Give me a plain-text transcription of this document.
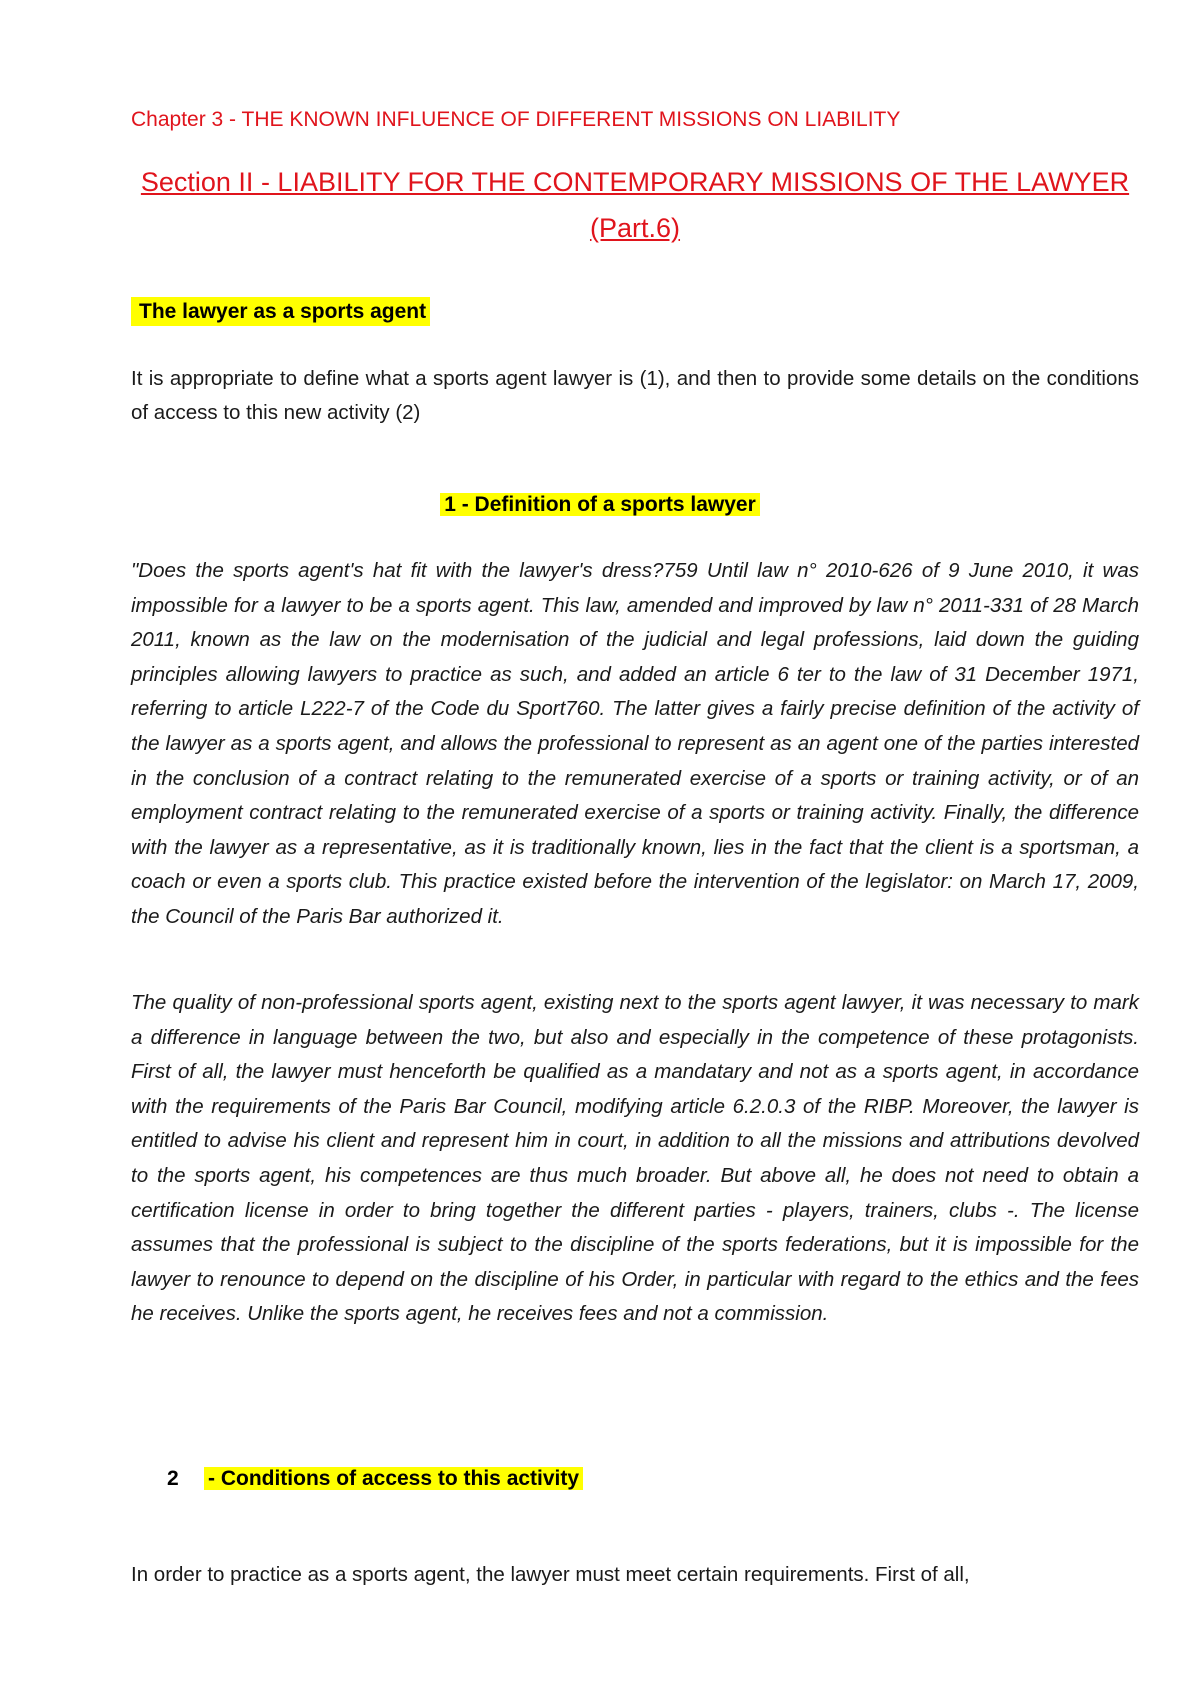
Chapter 3 - THE KNOWN INFLUENCE OF DIFFERENT MISSIONS ON LIABILITY
Section II - LIABILITY FOR THE CONTEMPORARY MISSIONS OF THE LAWYER
(Part.6)
The lawyer as a sports agent

It is appropriate to define what a sports agent lawyer is (1), and then to provide some details on the conditions of access to this new activity (2)

1 - Definition of a sports lawyer

"Does the sports agent's hat fit with the lawyer's dress?759 Until law n° 2010-626 of 9 June 2010, it was impossible for a lawyer to be a sports agent. This law, amended and improved by law n° 2011-331 of 28 March 2011, known as the law on the modernisation of the judicial and legal professions, laid down the guiding principles allowing lawyers to practice as such, and added an article 6 ter to the law of 31 December 1971, referring to article L222-7 of the Code du Sport760. The latter gives a fairly precise definition of the activity of the lawyer as a sports agent, and allows the professional to represent as an agent one of the parties interested in the conclusion of a contract relating to the remunerated exercise of a sports or training activity, or of an employment contract relating to the remunerated exercise of a sports or training activity. Finally, the difference with the lawyer as a representative, as it is traditionally known, lies in the fact that the client is a sportsman, a coach or even a sports club. This practice existed before the intervention of the legislator: on March 17, 2009, the Council of the Paris Bar authorized it.

The quality of non-professional sports agent, existing next to the sports agent lawyer, it was necessary to mark a difference in language between the two, but also and especially in the competence of these protagonists. First of all, the lawyer must henceforth be qualified as a mandatary and not as a sports agent, in accordance with the requirements of the Paris Bar Council, modifying article 6.2.0.3 of the RIBP. Moreover, the lawyer is entitled to advise his client and represent him in court, in addition to all the missions and attributions devolved to the sports agent, his competences are thus much broader. But above all, he does not need to obtain a certification license in order to bring together the different parties - players, trainers, clubs -. The license assumes that the professional is subject to the discipline of the sports federations, but it is impossible for the lawyer to renounce to depend on the discipline of his Order, in particular with regard to the ethics and the fees he receives. Unlike the sports agent, he receives fees and not a commission.

2 - Conditions of access to this activity

In order to practice as a sports agent, the lawyer must meet certain requirements. First of all,
